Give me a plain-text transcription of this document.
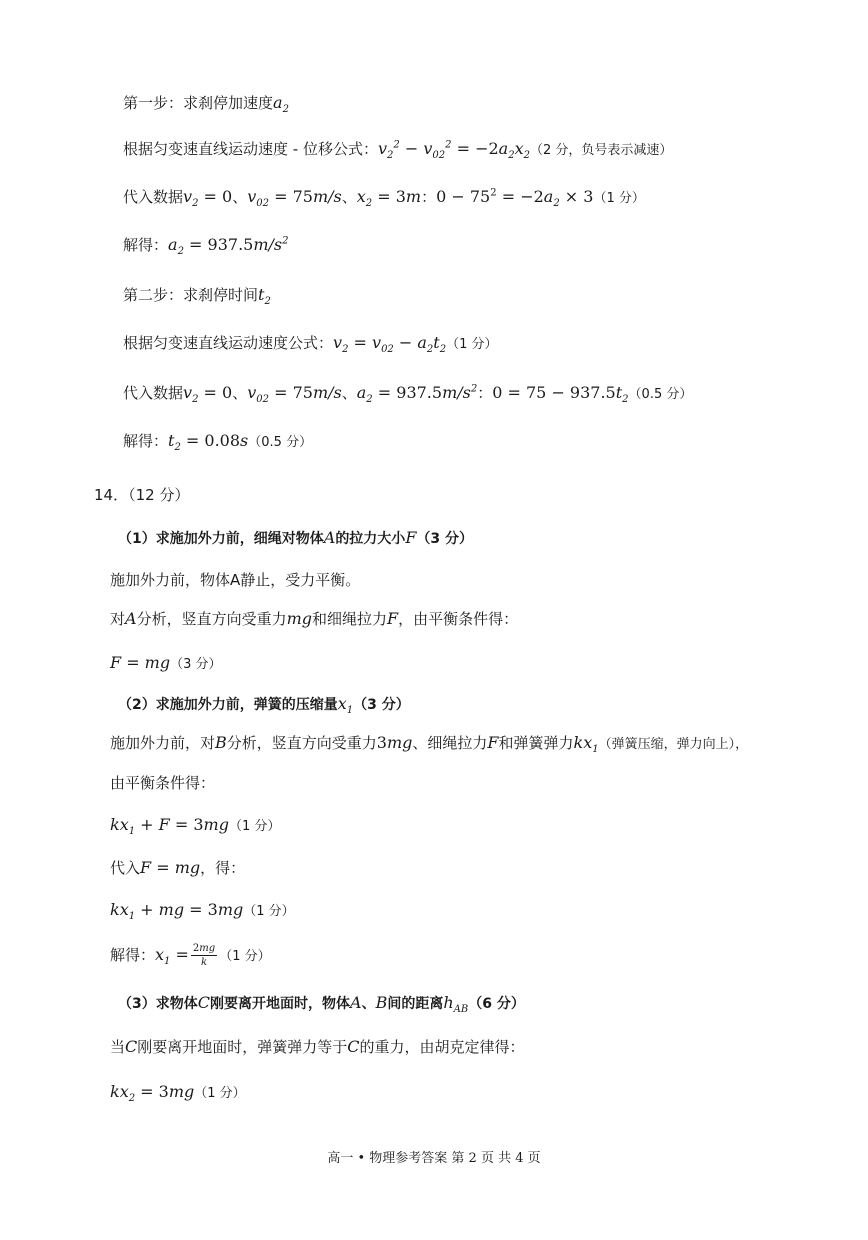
第一步：求刹停加速度$a_2$
根据匀变速直线运动速度 - 位移公式：$v_2^2 - v_{02}^2 = -2a_2x_2(2$ 分，负号表示减速）
代入数据$v_2 = 0$、$v_{02} = 75m/s$、$x_2 = 3m$：$0 - 75^2 = -2a_2 \times 3(1$ 分）
解得：$a_2 = 937.5m/s^2$
第二步：求刹停时间$t_2$
根据匀变速直线运动速度公式：$v_2 = v_{02} - a_2t_2(1$ 分）
代入数据$v_2 = 0$、$v_{02} = 75m/s$、$a_2 = 937.5m/s^2$：$0 = 75 - 937.5t_2(0.5$ 分）
解得：$t_2 = 0.08s(0.5$ 分）
14．（12 分）
（1）求施加外力前，细绳对物体A的拉力大小F（3 分）
施加外力前，物体A静止，受力平衡。
对A分析，竖直方向受重力mg和细绳拉力F，由平衡条件得：
F = mg（3 分）
（2）求施加外力前，弹簧的压缩量$x_1(3$ 分）
施加外力前，对B分析，竖直方向受重力3mg、细绳拉力F和弹簧弹力$kx_1$（弹簧压缩，弹力向上），
由平衡条件得：
$kx_1 + F = 3mg(1$ 分）
代入F = mg，得：
$kx_1$ + mg = 3mg（1 分）
解得：$x_1 = \frac{2mg}{k} (1$ 分）
（3）求物体C刚要离开地面时，物体A、B间的距离$h_{AB}(6$ 分）
当C刚要离开地面时，弹簧弹力等于C的重力，由胡克定律得：
$kx_2 = 3mg(1$ 分）
高一 • 物理参考答案 第 2 页 共 4 页
